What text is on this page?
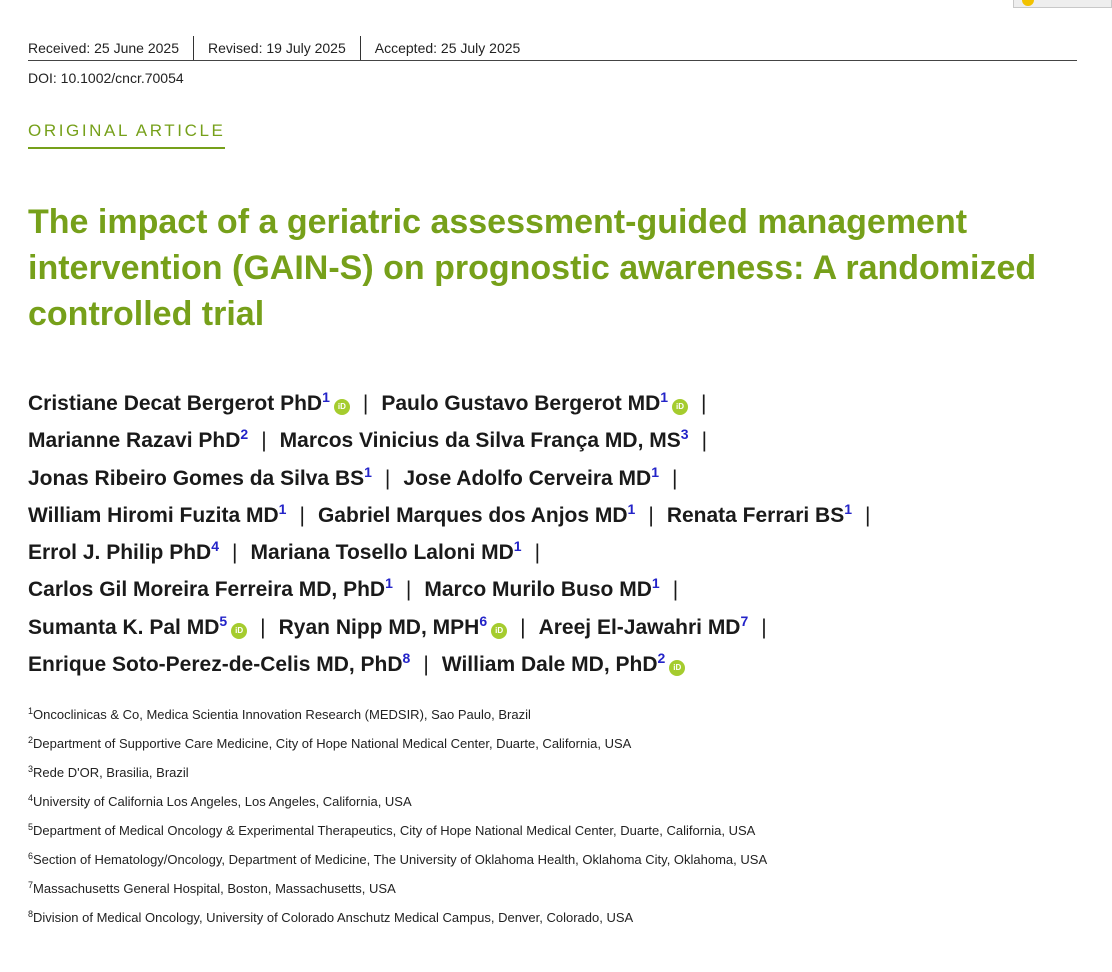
Received: 25 June 2025 Revised: 19 July 2025 Accepted: 25 July 2025
DOI: 10.1002/cncr.70054
ORIGINAL ARTICLE
The impact of a geriatric assessment-guided management intervention (GAIN-S) on prognostic awareness: A randomized controlled trial
Cristiane Decat Bergerot PhD$^1$iD | Paulo Gustavo Bergerot $MD^1iD$ |
Marianne Razavi PhD$^2$ | Marcos Vinicius da Silva França MD, $MS^3$ |
Jonas Ribeiro Gomes da Silva $BS^1$ | Jose Adolfo Cerveira $MD^1$ |
William Hiromi Fuzita $MD^1$ | Gabriel Marques dos Anjos $MD^1$ | Renata Ferrari $BS^1$ |
Errol J. Philip PhD$^4$ | Mariana Tosello Laloni $MD^1$ |
Carlos Gil Moreira Ferreira MD, PhD$^1$ | Marco Murilo Buso $MD^1$ |
Sumanta K. Pal $MD^5iD$ | Ryan Nipp MD, MPH$^6$iD | Areej El-Jawahri $MD^7$ |
Enrique Soto-Perez-de-Celis MD, PhD$^8$ | William Dale MD, PhD$^2$iD
$^1$Oncoclinicas & Co, Medica Scientia Innovation Research (MEDSIR), Sao Paulo, Brazil
$^2$Department of Supportive Care Medicine, City of Hope National Medical Center, Duarte, California, USA
$^3$Rede D'OR, Brasilia, Brazil
$^4$University of California Los Angeles, Los Angeles, California, USA
$^5$Department of Medical Oncology & Experimental Therapeutics, City of Hope National Medical Center, Duarte, California, USA
$^6$Section of Hematology/Oncology, Department of Medicine, The University of Oklahoma Health, Oklahoma City, Oklahoma, USA
$^7$Massachusetts General Hospital, Boston, Massachusetts, USA
$^8$Division of Medical Oncology, University of Colorado Anschutz Medical Campus, Denver, Colorado, USA
